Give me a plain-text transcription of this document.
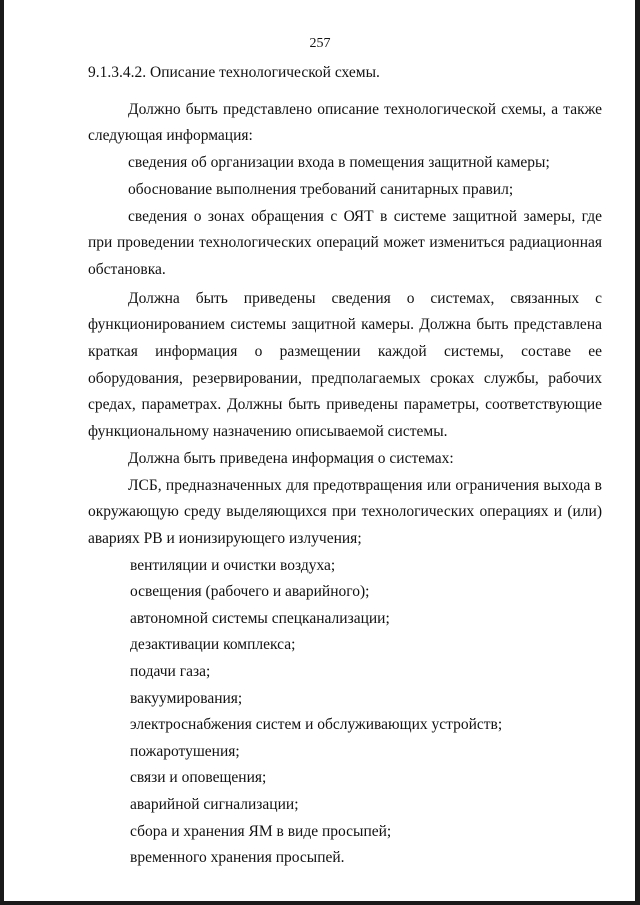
257

9.1.3.4.2. Описание технологической схемы.

Должно быть представлено описание технологической схемы, а также следующая информация:

сведения об организации входа в помещения защитной камеры;

обоснование выполнения требований санитарных правил;

сведения о зонах обращения с ОЯТ в системе защитной замеры, где при проведении технологических операций может измениться радиационная обстановка.

Должна быть приведены сведения о системах, связанных с функционированием системы защитной камеры. Должна быть представлена краткая информация о размещении каждой системы, составе ее оборудования, резервировании, предполагаемых сроках службы, рабочих средах, параметрах. Должны быть приведены параметры, соответствующие функциональному назначению описываемой системы.

Должна быть приведена информация о системах:

ЛСБ, предназначенных для предотвращения или ограничения выхода в окружающую среду выделяющихся при технологических операциях и (или) авариях РВ и ионизирующего излучения;

вентиляции и очистки воздуха;

освещения (рабочего и аварийного);

автономной системы спецканализации;

дезактивации комплекса;

подачи газа;

вакуумирования;

электроснабжения систем и обслуживающих устройств;

пожаротушения;

связи и оповещения;

аварийной сигнализации;

сбора и хранения ЯМ в виде просыпей;

временного хранения просыпей.
